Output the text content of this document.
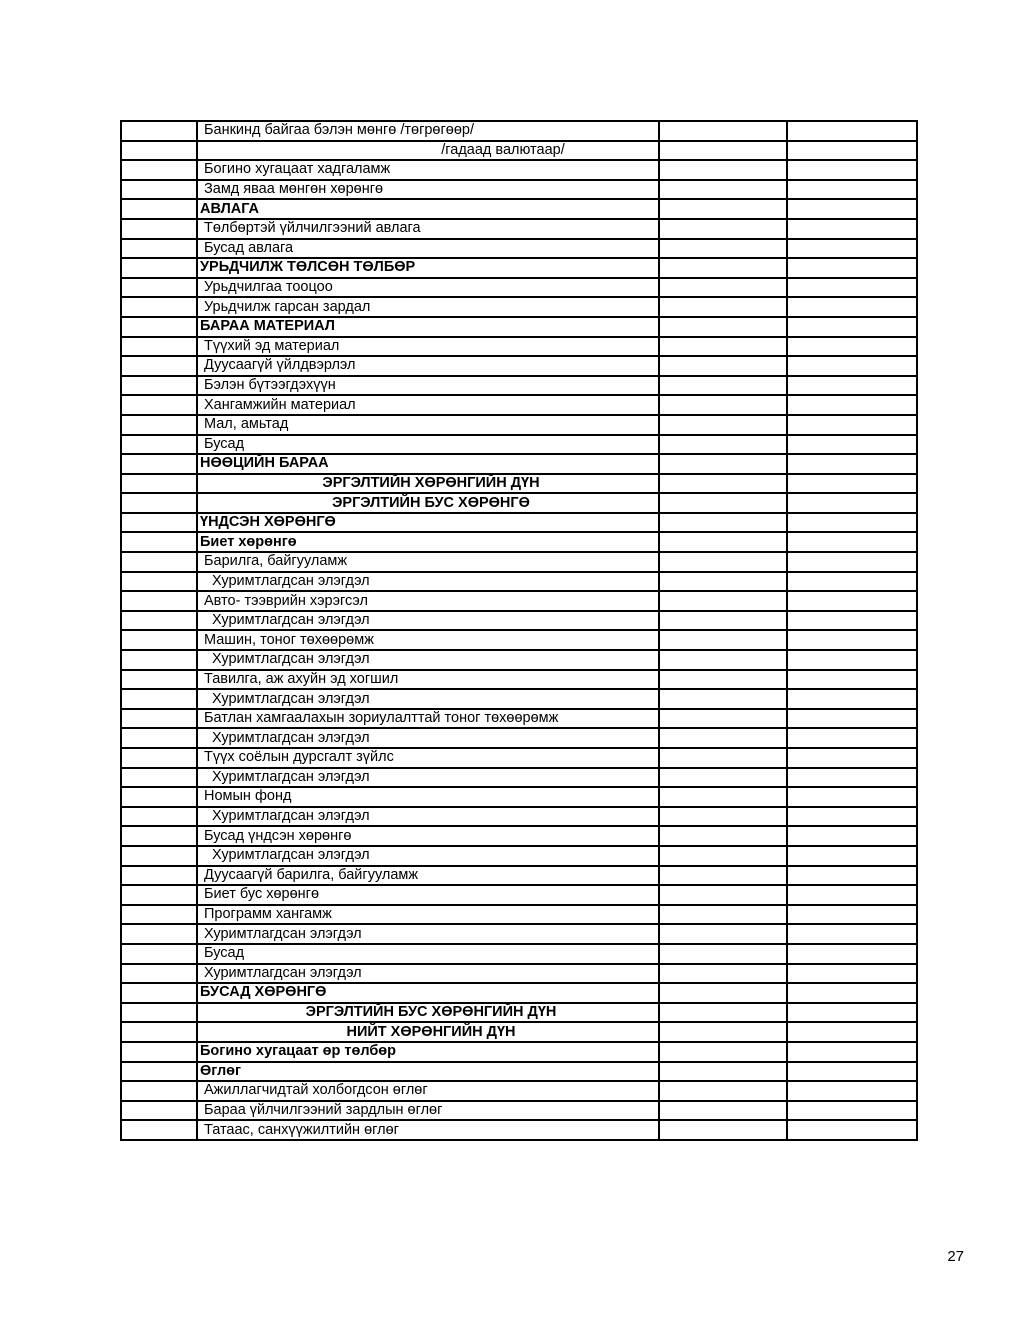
	Банкинд байгаа бэлэн мөнгө /төгрөгөөр/		
	/гадаад валютаар/		
	Богино хугацаат хадгаламж		
	Замд яваа мөнгөн хөрөнгө		
	АВЛАГА		
	Төлбөртэй үйлчилгээний авлага		
	Бусад авлага		
	УРЬДЧИЛЖ ТӨЛСӨН ТӨЛБӨР		
	Урьдчилгаа тооцоо		
	Урьдчилж гарсан зардал		
	БАРАА МАТЕРИАЛ		
	Түүхий эд материал		
	Дуусаагүй үйлдвэрлэл		
	Бэлэн бүтээгдэхүүн		
	Хангамжийн материал		
	Мал, амьтад		
	Бусад		
	НӨӨЦИЙН БАРАА		
	ЭРГЭЛТИЙН ХӨРӨНГИЙН ДҮН		
	ЭРГЭЛТИЙН БУС ХӨРӨНГӨ		
	ҮНДСЭН ХӨРӨНГӨ		
	Биет хөрөнгө		
	Барилга, байгууламж		
	Хуримтлагдсан элэгдэл		
	Авто- тээврийн хэрэгсэл		
	Хуримтлагдсан элэгдэл		
	Машин, тоног төхөөрөмж		
	Хуримтлагдсан элэгдэл		
	Тавилга, аж ахуйн эд хогшил		
	Хуримтлагдсан элэгдэл		
	Батлан хамгаалахын зориулалттай тоног төхөөрөмж		
	Хуримтлагдсан элэгдэл		
	Түүх соёлын дурсгалт зүйлс		
	Хуримтлагдсан элэгдэл		
	Номын фонд		
	Хуримтлагдсан элэгдэл		
	Бусад үндсэн хөрөнгө		
	Хуримтлагдсан элэгдэл		
	Дуусаагүй барилга, байгууламж		
	Биет бус хөрөнгө		
	Программ хангамж		
	Хуримтлагдсан элэгдэл		
	Бусад		
	Хуримтлагдсан элэгдэл		
	БУСАД ХӨРӨНГӨ		
	ЭРГЭЛТИЙН БУС ХӨРӨНГИЙН ДҮН		
	НИЙТ ХӨРӨНГИЙН ДҮН		
	Богино хугацаат өр төлбөр		
	Өглөг		
	Ажиллагчидтай холбогдсон өглөг		
	Бараа үйлчилгээний зардлын өглөг		
	Татаас, санхүүжилтийн өглөг		
27
